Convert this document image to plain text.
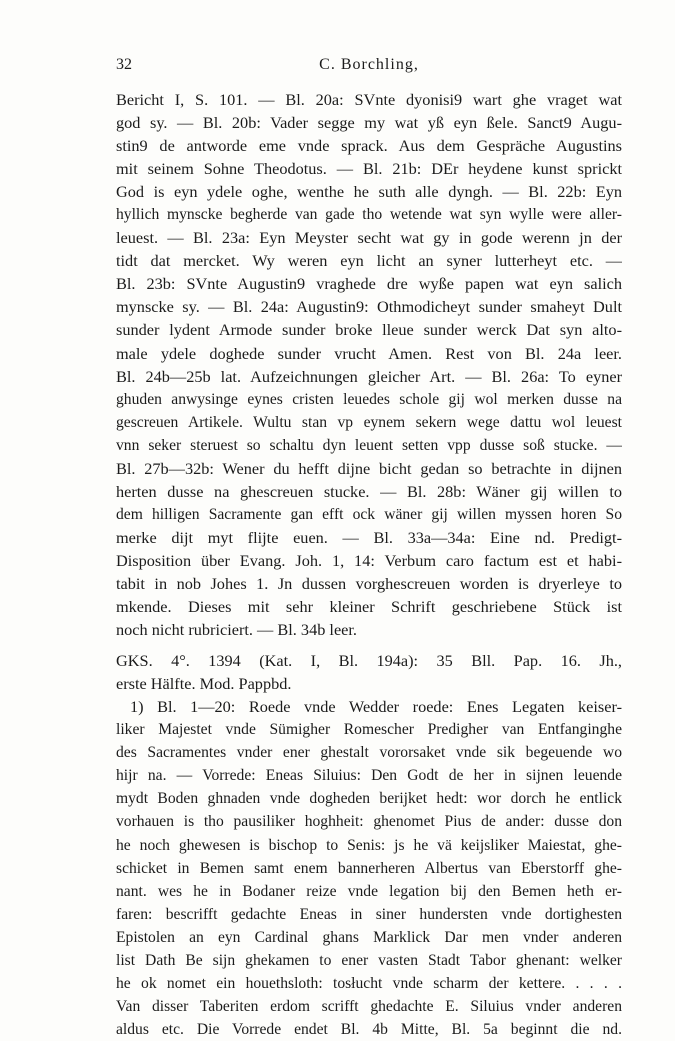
32	C. Borchling,
Bericht I, S. 101. — Bl. 20a: SVnte dyonisi9 wart ghe vraget wat
god sy. — Bl. 20b: Vader segge my wat yß eyn ßele. Sanct9 Augu-
stin9 de antworde eme vnde sprack. Aus dem Gespräche Augustins
mit seinem Sohne Theodotus. — Bl. 21b: DEr heydene kunst sprickt
God is eyn ydele oghe, wenthe he suth alle dyngh. — Bl. 22b: Eyn
hyllich mynscke begherde van gade tho wetende wat syn wylle were aller-
leuest. — Bl. 23a: Eyn Meyster secht wat gy in gode werenn jn der
tidt dat mercket. Wy weren eyn licht an syner lutterheyt etc. —
Bl. 23b: SVnte Augustin9 vraghede dre wyße papen wat eyn salich
mynscke sy. — Bl. 24a: Augustin9: Othmodicheyt sunder smaheyt Dult
sunder lydent Armode sunder broke lleue sunder werck Dat syn alto-
male ydele doghede sunder vrucht Amen. Rest von Bl. 24a leer.
Bl. 24b—25b lat. Aufzeichnungen gleicher Art. — Bl. 26a: To eyner
ghuden anwysinge eynes cristen leuedes schole gij wol merken dusse na
gescreuen Artikele. Wultu stan vp eynem sekern wege dattu wol leuest
vnn seker steruest so schaltu dyn leuent setten vpp dusse soß stucke. —
Bl. 27b—32b: Wener du hefft dijne bicht gedan so betrachte in dijnen
herten dusse na ghescreuen stucke. — Bl. 28b: Wäner gij willen to
dem hilligen Sacramente gan efft ock wäner gij willen myssen horen So
merke dijt myt flijte euen. — Bl. 33a—34a: Eine nd. Predigt-
Disposition über Evang. Joh. 1, 14: Verbum caro factum est et habi-
tabit in nob Johes 1. Jn dussen vorghescreuen worden is dryerleye to
mkende. Dieses mit sehr kleiner Schrift geschriebene Stück ist
noch nicht rubriciert. — Bl. 34b leer.
GKS. 4°. 1394 (Kat. I, Bl. 194a): 35 Bll. Pap. 16. Jh.,
erste Hälfte. Mod. Pappbd.
1) Bl. 1—20: Roede vnde Wedder roede: Enes Legaten keiser-
liker Majestet vnde Sümigher Romescher Predigher van Entfanginghe
des Sacramentes vnder ener ghestalt vororsaket vnde sik begeuende wo
hijr na. — Vorrede: Eneas Siluius: Den Godt de her in sijnen leuende
mydt Boden ghnaden vnde dogheden berijket hedt: wor dorch he entlick
vorhauen is tho pausiliker hoghheit: ghenomet Pius de ander: dusse don
he noch ghewesen is bischop to Senis: js he vä keijsliker Maiestat, ghe-
schicket in Bemen samt enem bannerheren Albertus van Eberstorff ghe-
nant. wes he in Bodaner reize vnde legation bij den Bemen heth er-
faren: bescrifft gedachte Eneas in siner hundersten vnde dortighesten
Epistolen an eyn Cardinal ghans Marklick Dar men vnder anderen
list Dath Be sijn ghekamen to ener vasten Stadt Tabor ghenant: welker
he ok nomet ein houethsloth: tosłucht vnde scharm der kettere. . . . .
Van disser Taberiten erdom scrifft ghedachte E. Siluius vnder anderen
aldus etc. Die Vorrede endet Bl. 4b Mitte, Bl. 5a beginnt die nd.
